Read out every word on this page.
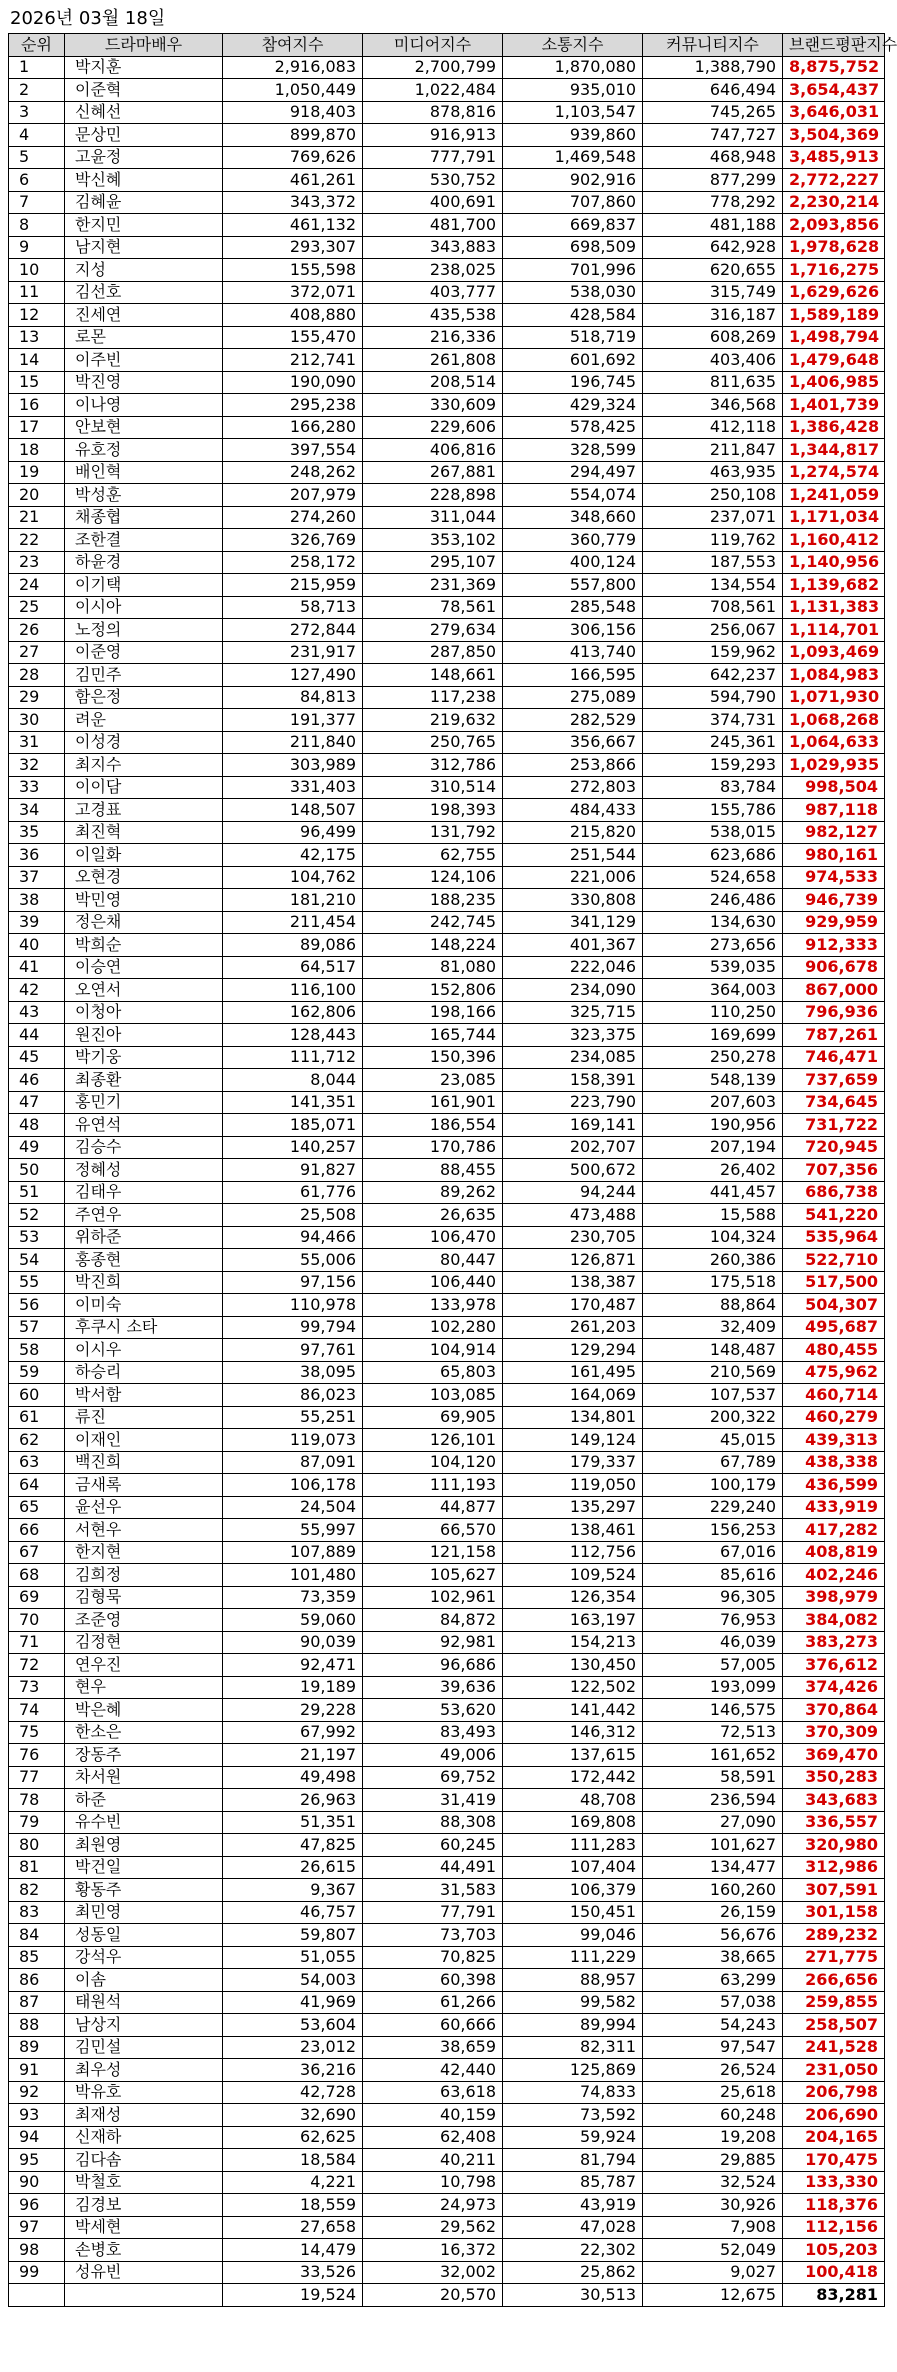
2026년 03월 18일
순위	드라마배우	참여지수	미디어지수	소통지수	커뮤니티지수	브랜드평판지수
1	박지훈	2,916,083	2,700,799	1,870,080	1,388,790	8,875,752
2	이준혁	1,050,449	1,022,484	935,010	646,494	3,654,437
3	신혜선	918,403	878,816	1,103,547	745,265	3,646,031
4	문상민	899,870	916,913	939,860	747,727	3,504,369
5	고윤정	769,626	777,791	1,469,548	468,948	3,485,913
6	박신혜	461,261	530,752	902,916	877,299	2,772,227
7	김혜윤	343,372	400,691	707,860	778,292	2,230,214
8	한지민	461,132	481,700	669,837	481,188	2,093,856
9	남지현	293,307	343,883	698,509	642,928	1,978,628
10	지성	155,598	238,025	701,996	620,655	1,716,275
11	김선호	372,071	403,777	538,030	315,749	1,629,626
12	진세연	408,880	435,538	428,584	316,187	1,589,189
13	로몬	155,470	216,336	518,719	608,269	1,498,794
14	이주빈	212,741	261,808	601,692	403,406	1,479,648
15	박진영	190,090	208,514	196,745	811,635	1,406,985
16	이나영	295,238	330,609	429,324	346,568	1,401,739
17	안보현	166,280	229,606	578,425	412,118	1,386,428
18	유호정	397,554	406,816	328,599	211,847	1,344,817
19	배인혁	248,262	267,881	294,497	463,935	1,274,574
20	박성훈	207,979	228,898	554,074	250,108	1,241,059
21	채종협	274,260	311,044	348,660	237,071	1,171,034
22	조한결	326,769	353,102	360,779	119,762	1,160,412
23	하윤경	258,172	295,107	400,124	187,553	1,140,956
24	이기택	215,959	231,369	557,800	134,554	1,139,682
25	이시아	58,713	78,561	285,548	708,561	1,131,383
26	노정의	272,844	279,634	306,156	256,067	1,114,701
27	이준영	231,917	287,850	413,740	159,962	1,093,469
28	김민주	127,490	148,661	166,595	642,237	1,084,983
29	함은정	84,813	117,238	275,089	594,790	1,071,930
30	려운	191,377	219,632	282,529	374,731	1,068,268
31	이성경	211,840	250,765	356,667	245,361	1,064,633
32	최지수	303,989	312,786	253,866	159,293	1,029,935
33	이이담	331,403	310,514	272,803	83,784	998,504
34	고경표	148,507	198,393	484,433	155,786	987,118
35	최진혁	96,499	131,792	215,820	538,015	982,127
36	이일화	42,175	62,755	251,544	623,686	980,161
37	오현경	104,762	124,106	221,006	524,658	974,533
38	박민영	181,210	188,235	330,808	246,486	946,739
39	정은채	211,454	242,745	341,129	134,630	929,959
40	박희순	89,086	148,224	401,367	273,656	912,333
41	이승연	64,517	81,080	222,046	539,035	906,678
42	오연서	116,100	152,806	234,090	364,003	867,000
43	이청아	162,806	198,166	325,715	110,250	796,936
44	원진아	128,443	165,744	323,375	169,699	787,261
45	박기웅	111,712	150,396	234,085	250,278	746,471
46	최종환	8,044	23,085	158,391	548,139	737,659
47	홍민기	141,351	161,901	223,790	207,603	734,645
48	유연석	185,071	186,554	169,141	190,956	731,722
49	김승수	140,257	170,786	202,707	207,194	720,945
50	정혜성	91,827	88,455	500,672	26,402	707,356
51	김태우	61,776	89,262	94,244	441,457	686,738
52	주연우	25,508	26,635	473,488	15,588	541,220
53	위하준	94,466	106,470	230,705	104,324	535,964
54	홍종현	55,006	80,447	126,871	260,386	522,710
55	박진희	97,156	106,440	138,387	175,518	517,500
56	이미숙	110,978	133,978	170,487	88,864	504,307
57	후쿠시 소타	99,794	102,280	261,203	32,409	495,687
58	이시우	97,761	104,914	129,294	148,487	480,455
59	하승리	38,095	65,803	161,495	210,569	475,962
60	박서함	86,023	103,085	164,069	107,537	460,714
61	류진	55,251	69,905	134,801	200,322	460,279
62	이재인	119,073	126,101	149,124	45,015	439,313
63	백진희	87,091	104,120	179,337	67,789	438,338
64	금새록	106,178	111,193	119,050	100,179	436,599
65	윤선우	24,504	44,877	135,297	229,240	433,919
66	서현우	55,997	66,570	138,461	156,253	417,282
67	한지현	107,889	121,158	112,756	67,016	408,819
68	김희정	101,480	105,627	109,524	85,616	402,246
69	김형묵	73,359	102,961	126,354	96,305	398,979
70	조준영	59,060	84,872	163,197	76,953	384,082
71	김정현	90,039	92,981	154,213	46,039	383,273
72	연우진	92,471	96,686	130,450	57,005	376,612
73	현우	19,189	39,636	122,502	193,099	374,426
74	박은혜	29,228	53,620	141,442	146,575	370,864
75	한소은	67,992	83,493	146,312	72,513	370,309
76	장동주	21,197	49,006	137,615	161,652	369,470
77	차서원	49,498	69,752	172,442	58,591	350,283
78	하준	26,963	31,419	48,708	236,594	343,683
79	유수빈	51,351	88,308	169,808	27,090	336,557
80	최원영	47,825	60,245	111,283	101,627	320,980
81	박건일	26,615	44,491	107,404	134,477	312,986
82	황동주	9,367	31,583	106,379	160,260	307,591
83	최민영	46,757	77,791	150,451	26,159	301,158
84	성동일	59,807	73,703	99,046	56,676	289,232
85	강석우	51,055	70,825	111,229	38,665	271,775
86	이솜	54,003	60,398	88,957	63,299	266,656
87	태원석	41,969	61,266	99,582	57,038	259,855
88	남상지	53,604	60,666	89,994	54,243	258,507
89	김민설	23,012	38,659	82,311	97,547	241,528
91	최우성	36,216	42,440	125,869	26,524	231,050
92	박유호	42,728	63,618	74,833	25,618	206,798
93	최재성	32,690	40,159	73,592	60,248	206,690
94	신재하	62,625	62,408	59,924	19,208	204,165
95	김다솜	18,584	40,211	81,794	29,885	170,475
90	박철호	4,221	10,798	85,787	32,524	133,330
96	김경보	18,559	24,973	43,919	30,926	118,376
97	박세현	27,658	29,562	47,028	7,908	112,156
98	손병호	14,479	16,372	22,302	52,049	105,203
99	성유빈	33,526	32,002	25,862	9,027	100,418
		19,524	20,570	30,513	12,675	83,281
